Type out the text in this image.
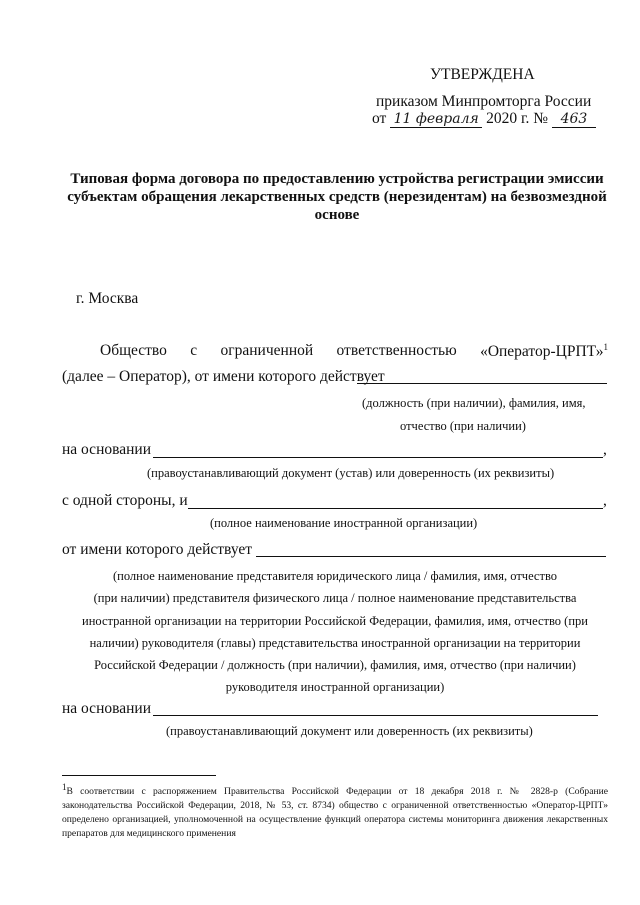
УТВЕРЖДЕНА
приказом Минпромторга России
от 11 февраля 2020 г. № 463
Типовая форма договора по предоставлению устройства регистрации эмиссии субъектам обращения лекарственных средств (нерезидентам) на безвозмездной основе
г. Москва
Общество с ограниченной ответственностью «Оператор-ЦРПТ»$^1$
(далее – Оператор), от имени которого действует
(должность (при наличии), фамилия, имя,
отчество (при наличии)
на основании	,
(правоустанавливающий документ (устав) или доверенность (их реквизиты)
с одной стороны, и	,
(полное наименование иностранной организации)
от имени которого действует
(полное наименование представителя юридического лица / фамилия, имя, отчество
(при наличии) представителя физического лица / полное наименование представительства
иностранной организации на территории Российской Федерации, фамилия, имя, отчество (при
наличии) руководителя (главы) представительства иностранной организации на территории
Российской Федерации / должность (при наличии), фамилия, имя, отчество (при наличии)
руководителя иностранной организации)
на основании
(правоустанавливающий документ или доверенность (их реквизиты)
$^1$В соответствии с распоряжением Правительства Российской Федерации от 18 декабря 2018 г. № 2828-р (Собрание законодательства Российской Федерации, 2018, № 53, ст. 8734) общество с ограниченной ответственностью «Оператор-ЦРПТ» определено организацией, уполномоченной на осуществление функций оператора системы мониторинга движения лекарственных препаратов для медицинского применения
